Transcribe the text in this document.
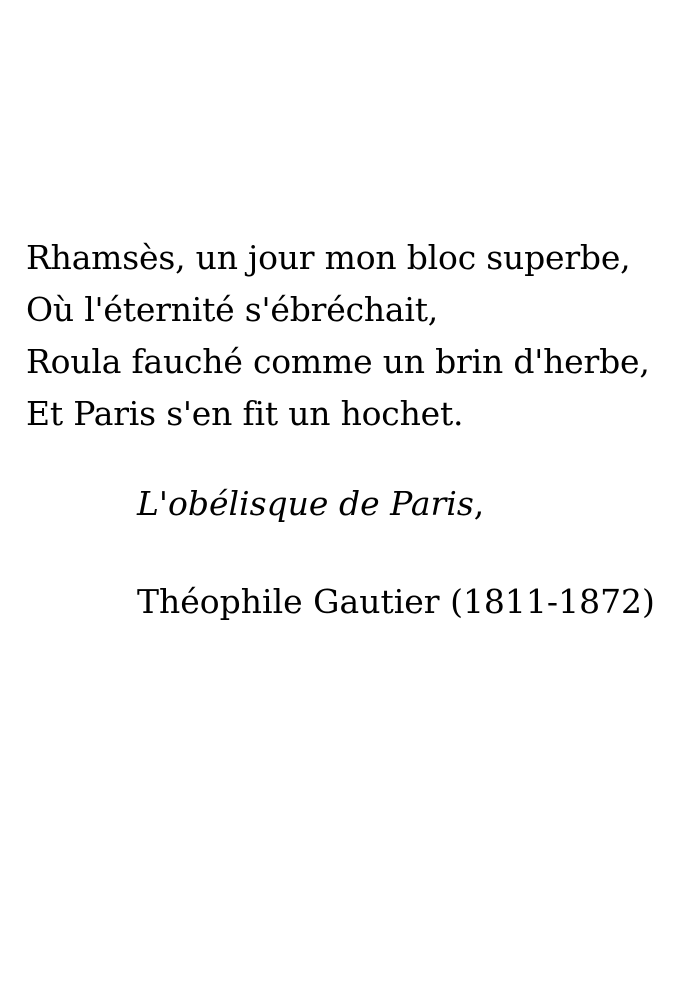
Rhamsès, un jour mon bloc superbe,
Où l'éternité s'ébréchait,
Roula fauché comme un brin d'herbe,
Et Paris s'en fit un hochet.
L'obélisque de Paris,
Théophile Gautier (1811-1872)
